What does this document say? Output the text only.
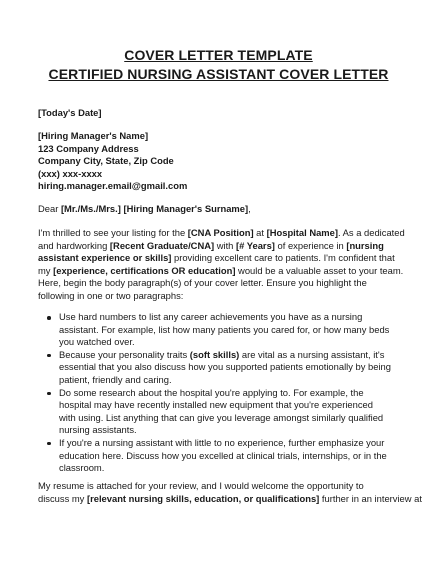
COVER LETTER TEMPLATE
CERTIFIED NURSING ASSISTANT COVER LETTER
[Today's Date]
[Hiring Manager's Name]
123 Company Address
Company City, State, Zip Code
(xxx) xxx-xxxx
hiring.manager.email@gmail.com
Dear [Mr./Ms./Mrs.] [Hiring Manager's Surname],
I'm thrilled to see your listing for the [CNA Position] at [Hospital Name]. As a dedicated
and hardworking [Recent Graduate/CNA] with [# Years] of experience in [nursing
assistant experience or skills] providing excellent care to patients. I'm confident that
my [experience, certifications OR education] would be a valuable asset to your team.
Here, begin the body paragraph(s) of your cover letter. Ensure you highlight the
following in one or two paragraphs:
Use hard numbers to list any career achievements you have as a nursing
assistant. For example, list how many patients you cared for, or how many beds
you watched over.
Because your personality traits (soft skills) are vital as a nursing assistant, it's
essential that you also discuss how you supported patients emotionally by being
patient, friendly and caring.
Do some research about the hospital you're applying to. For example, the
hospital may have recently installed new equipment that you're experienced
with using. List anything that can give you leverage amongst similarly qualified
nursing assistants.
If you're a nursing assistant with little to no experience, further emphasize your
education here. Discuss how you excelled at clinical trials, internships, or in the
classroom.
My resume is attached for your review, and I would welcome the opportunity to
discuss my [relevant nursing skills, education, or qualifications] further in an interview at
